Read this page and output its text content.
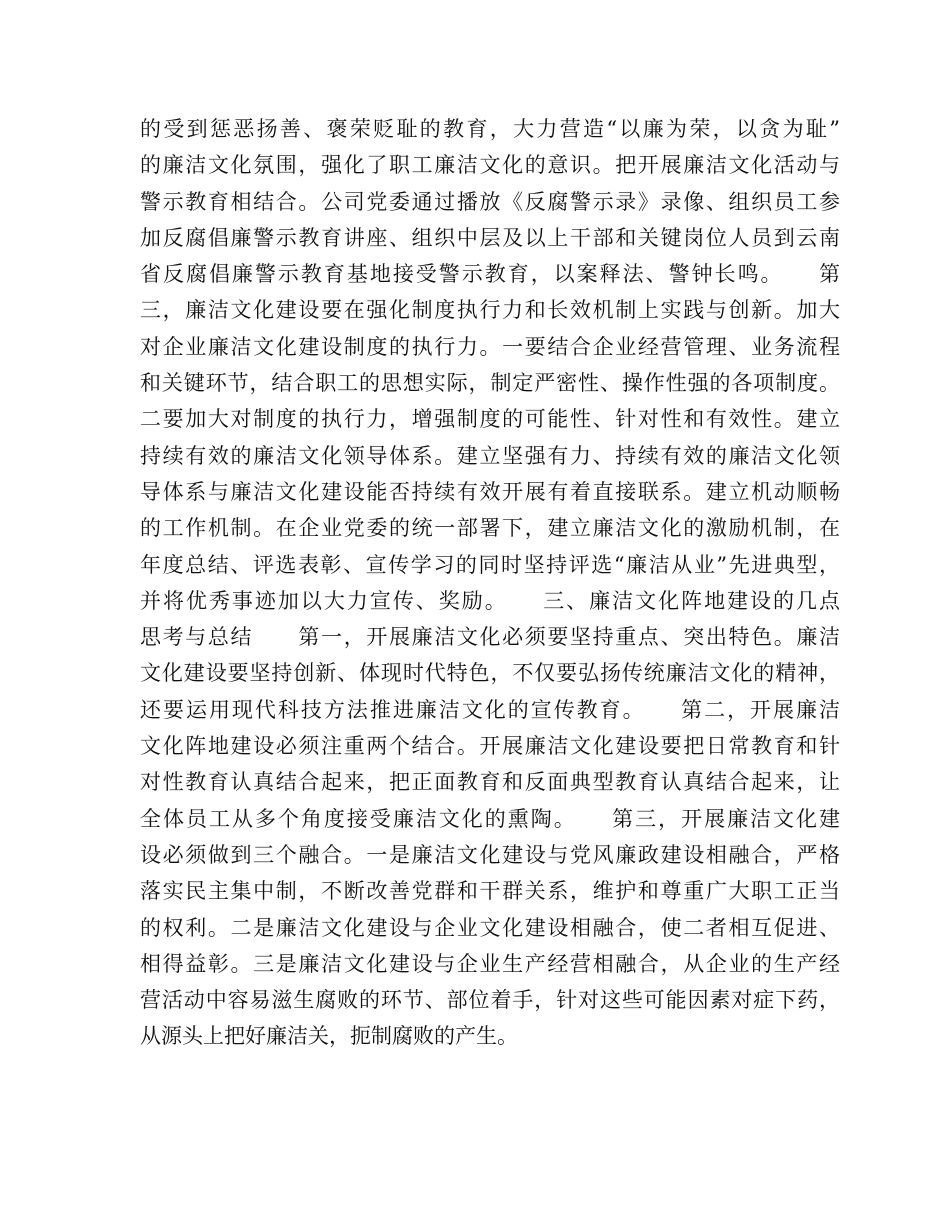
的受到惩恶扬善、褒荣贬耻的教育，大力营造“以廉为荣，以贪为耻”
的廉洁文化氛围，强化了职工廉洁文化的意识。把开展廉洁文化活动与
警示教育相结合。公司党委通过播放《反腐警示录》录像、组织员工参
加反腐倡廉警示教育讲座、组织中层及以上干部和关键岗位人员到云南
省反腐倡廉警示教育基地接受警示教育，以案释法、警钟长鸣。　　第
三，廉洁文化建设要在强化制度执行力和长效机制上实践与创新。加大
对企业廉洁文化建设制度的执行力。一要结合企业经营管理、业务流程
和关键环节，结合职工的思想实际，制定严密性、操作性强的各项制度。
二要加大对制度的执行力，增强制度的可能性、针对性和有效性。建立
持续有效的廉洁文化领导体系。建立坚强有力、持续有效的廉洁文化领
导体系与廉洁文化建设能否持续有效开展有着直接联系。建立机动顺畅
的工作机制。在企业党委的统一部署下，建立廉洁文化的激励机制，在
年度总结、评选表彰、宣传学习的同时坚持评选“廉洁从业”先进典型，
并将优秀事迹加以大力宣传、奖励。　　三、廉洁文化阵地建设的几点
思考与总结　　第一，开展廉洁文化必须要坚持重点、突出特色。廉洁
文化建设要坚持创新、体现时代特色，不仅要弘扬传统廉洁文化的精神，
还要运用现代科技方法推进廉洁文化的宣传教育。　　第二，开展廉洁
文化阵地建设必须注重两个结合。开展廉洁文化建设要把日常教育和针
对性教育认真结合起来，把正面教育和反面典型教育认真结合起来，让
全体员工从多个角度接受廉洁文化的熏陶。　　第三，开展廉洁文化建
设必须做到三个融合。一是廉洁文化建设与党风廉政建设相融合，严格
落实民主集中制，不断改善党群和干群关系，维护和尊重广大职工正当
的权利。二是廉洁文化建设与企业文化建设相融合，使二者相互促进、
相得益彰。三是廉洁文化建设与企业生产经营相融合，从企业的生产经
营活动中容易滋生腐败的环节、部位着手，针对这些可能因素对症下药，
从源头上把好廉洁关，扼制腐败的产生。
